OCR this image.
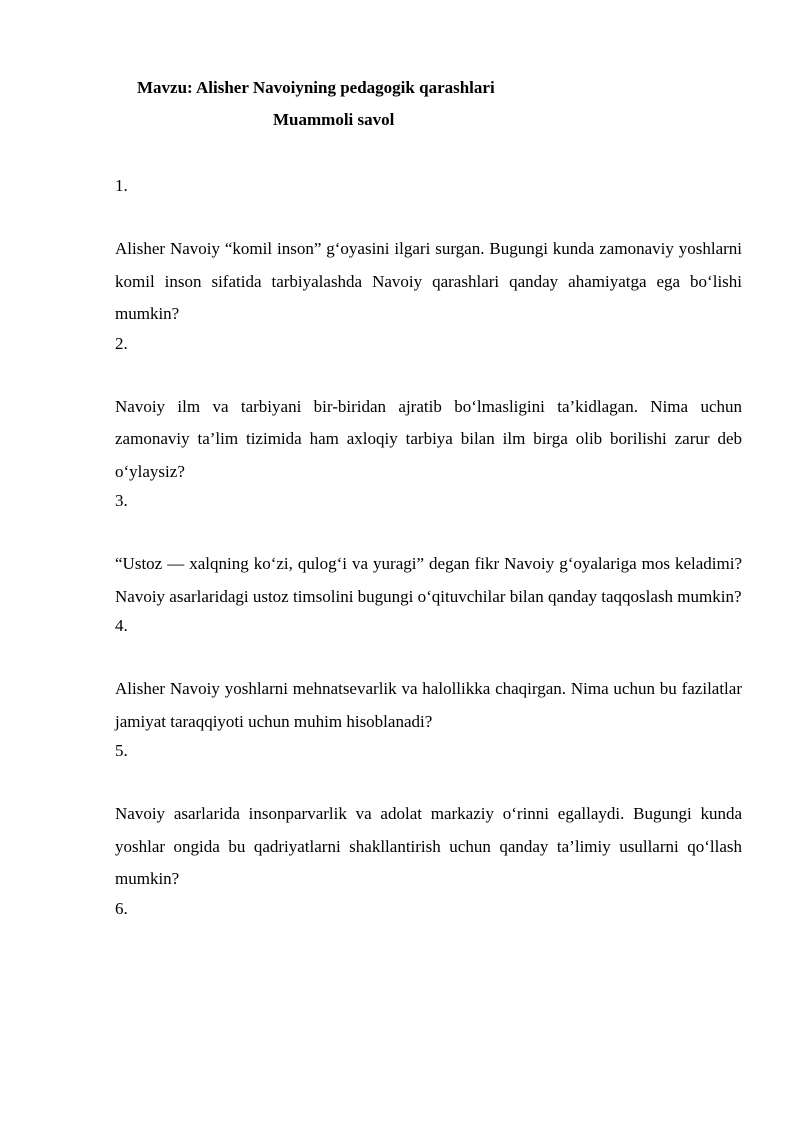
Mavzu: Alisher Navoiyning pedagogik qarashlari
Muammoli savol
1.

Alisher Navoiy “komil inson” g‘oyasini ilgari surgan. Bugungi kunda zamonaviy yoshlarni komil inson sifatida tarbiyalashda Navoiy qarashlari qanday ahamiyatga ega bo‘lishi mumkin?

2.

Navoiy ilm va tarbiyani bir-biridan ajratib bo‘lmasligini ta’kidlagan. Nima uchun zamonaviy ta’lim tizimida ham axloqiy tarbiya bilan ilm birga olib borilishi zarur deb o‘ylaysiz?

3.

“Ustoz — xalqning ko‘zi, qulog‘i va yuragi” degan fikr Navoiy g‘oyalariga mos keladimi? Navoiy asarlaridagi ustoz timsolini bugungi o‘qituvchilar bilan qanday taqqoslash mumkin?

4.

Alisher Navoiy yoshlarni mehnatsevarlik va halollikka chaqirgan. Nima uchun bu fazilatlar jamiyat taraqqiyoti uchun muhim hisoblanadi?

5.

Navoiy asarlarida insonparvarlik va adolat markaziy o‘rinni egallaydi. Bugungi kunda yoshlar ongida bu qadriyatlarni shakllantirish uchun qanday ta’limiy usullarni qo‘llash mumkin?

6.
